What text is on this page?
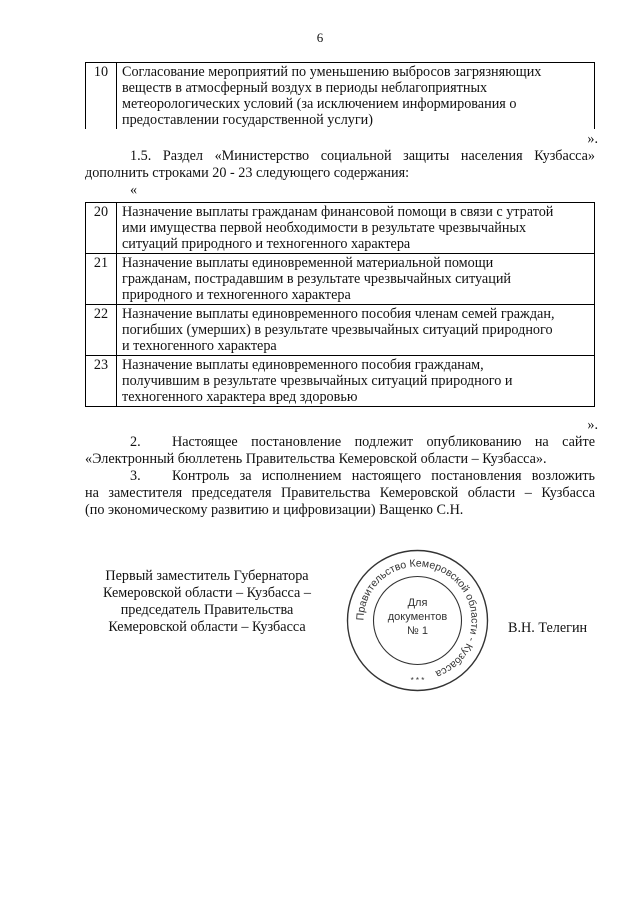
6
10	Согласование мероприятий по уменьшению выбросов загрязняющих
веществ в атмосферный воздух в периоды неблагоприятных
метеорологических условий (за исключением информирования о
предоставлении государственной услуги)
».
1.5. Раздел «Министерство социальной защиты населения Кузбасса»
дополнить строками 20 - 23 следующего содержания:
«
20	Назначение выплаты гражданам финансовой помощи в связи с утратой
ими имущества первой необходимости в результате чрезвычайных
ситуаций природного и техногенного характера

21	Назначение выплаты единовременной материальной помощи
гражданам, пострадавшим в результате чрезвычайных ситуаций
природного и техногенного характера

22	Назначение выплаты единовременного пособия членам семей граждан,
погибших (умерших) в результате чрезвычайных ситуаций природного
и техногенного характера

23	Назначение выплаты единовременного пособия гражданам,
получившим в результате чрезвычайных ситуаций природного и
техногенного характера вред здоровью
».
2. Настоящее постановление подлежит опубликованию на сайте
«Электронный бюллетень Правительства Кемеровской области – Кузбасса».
3. Контроль за исполнением настоящего постановления возложить
на заместителя председателя Правительства Кемеровской области – Кузбасса
(по экономическому развитию и цифровизации) Ващенко С.Н.
Первый заместитель Губернатора
Кемеровской области – Кузбасса –
председатель Правительства
Кемеровской области – Кузбасса
Правительство Кемеровской области - Кузбасса
Для
документов
№ 1
* * *
В.Н. Телегин
